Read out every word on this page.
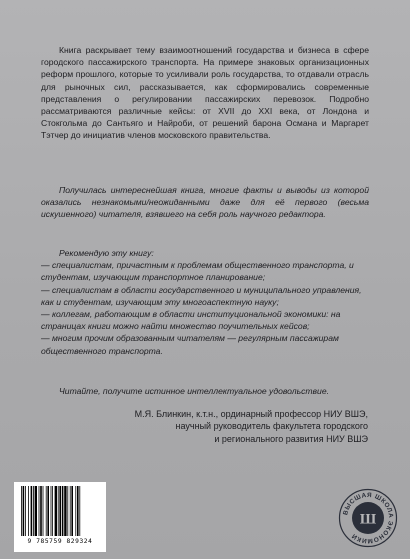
Книга раскрывает тему взаимоотношений государства и бизнеса в сфере городского пассажирского транспорта. На примере знаковых организационных реформ прошлого, которые то усиливали роль государства, то отдавали отрасль для рыночных сил, рассказывается, как сформировались современные представления о регулировании пассажирских перевозок. Подробно рассматриваются различные кейсы: от XVII до XXI века, от Лондона и Стокгольма до Сантьяго и Найроби, от решений барона Османа и Маргарет Тэтчер до инициатив членов московского правительства.

Получилась интереснейшая книга, многие факты и выводы из которой оказались незнакомыми/неожиданными даже для её первого (весьма искушенного) читателя, взявшего на себя роль научного редактора.

Рекомендую эту книгу:
— специалистам, причастным к проблемам общественного транспорта, и студентам, изучающим транспортное планирование;
— специалистам в области государственного и муниципального управления, как и студентам, изучающим эту многоаспектную науку;
— коллегам, работающим в области институциональной экономики: на страницах книги можно найти множество поучительных кейсов;
— многим прочим образованным читателям — регулярным пассажирам общественного транспорта.

Читайте, получите истинное интеллектуальное удовольствие.

М.Я. Блинкин, к.т.н., ординарный профессор НИУ ВШЭ,
научный руководитель факультета городского
и регионального развития НИУ ВШЭ
9 785759 829324
ВЫСШАЯ ШКОЛА ЭКОНОМИКИ
Ш
